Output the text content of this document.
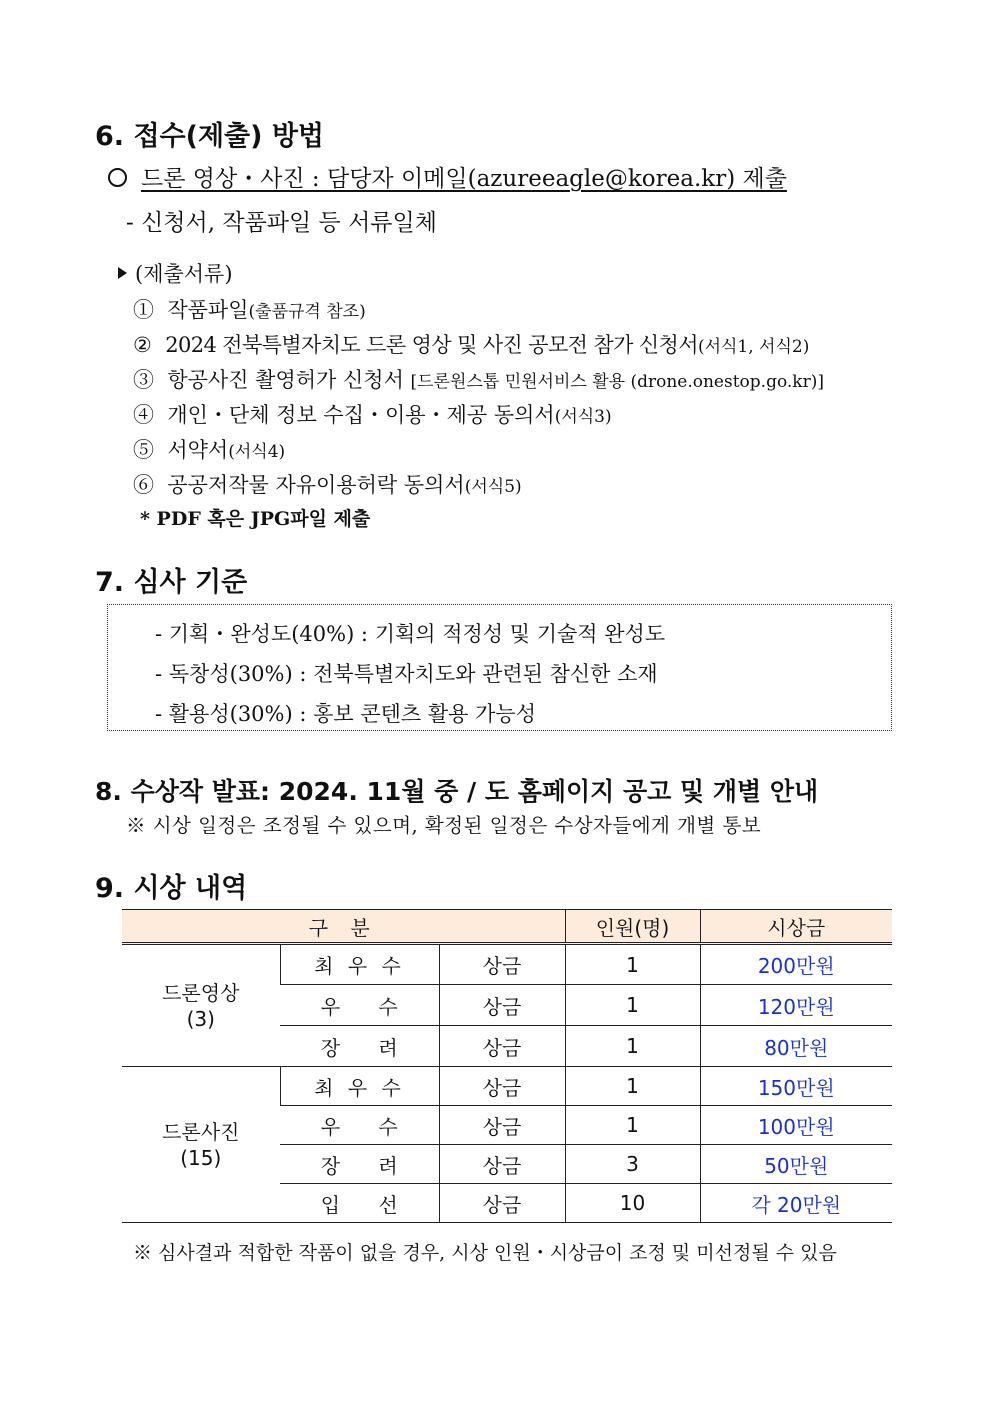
6. 접수(제출) 방법
드론 영상・사진 : 담당자 이메일(azureeagle@korea.kr) 제출
- 신청서, 작품파일 등 서류일체
(제출서류)
① 작품파일(출품규격 참조)
② 2024 전북특별자치도 드론 영상 및 사진 공모전 참가 신청서(서식1, 서식2)
③ 항공사진 촬영허가 신청서 [드론원스톱 민원서비스 활용 (drone.onestop.go.kr)]
④ 개인・단체 정보 수집・이용・제공 동의서(서식3)
⑤ 서약서(서식4)
⑥ 공공저작물 자유이용허락 동의서(서식5)
* PDF 혹은 JPG파일 제출
7. 심사 기준
- 기획・완성도(40%) : 기획의 적정성 및 기술적 완성도
- 독창성(30%) : 전북특별자치도와 관련된 참신한 소재
- 활용성(30%) : 홍보 콘텐츠 활용 가능성
8. 수상작 발표: 2024. 11월 중 / 도 홈페이지 공고 및 개별 안내
※ 시상 일정은 조정될 수 있으며, 확정된 일정은 수상자들에게 개별 통보
9. 시상 내역
구 분			인원(명)	시상금
드론영상
(3)	최 우 수	상금	1	200만원
	우 수	상금	1	120만원
	장 려	상금	1	80만원
드론사진
(15)	최 우 수	상금	1	150만원
	우 수	상금	1	100만원
	장 려	상금	3	50만원
	입 선	상금	10	각 20만원
※ 심사결과 적합한 작품이 없을 경우, 시상 인원・시상금이 조정 및 미선정될 수 있음
